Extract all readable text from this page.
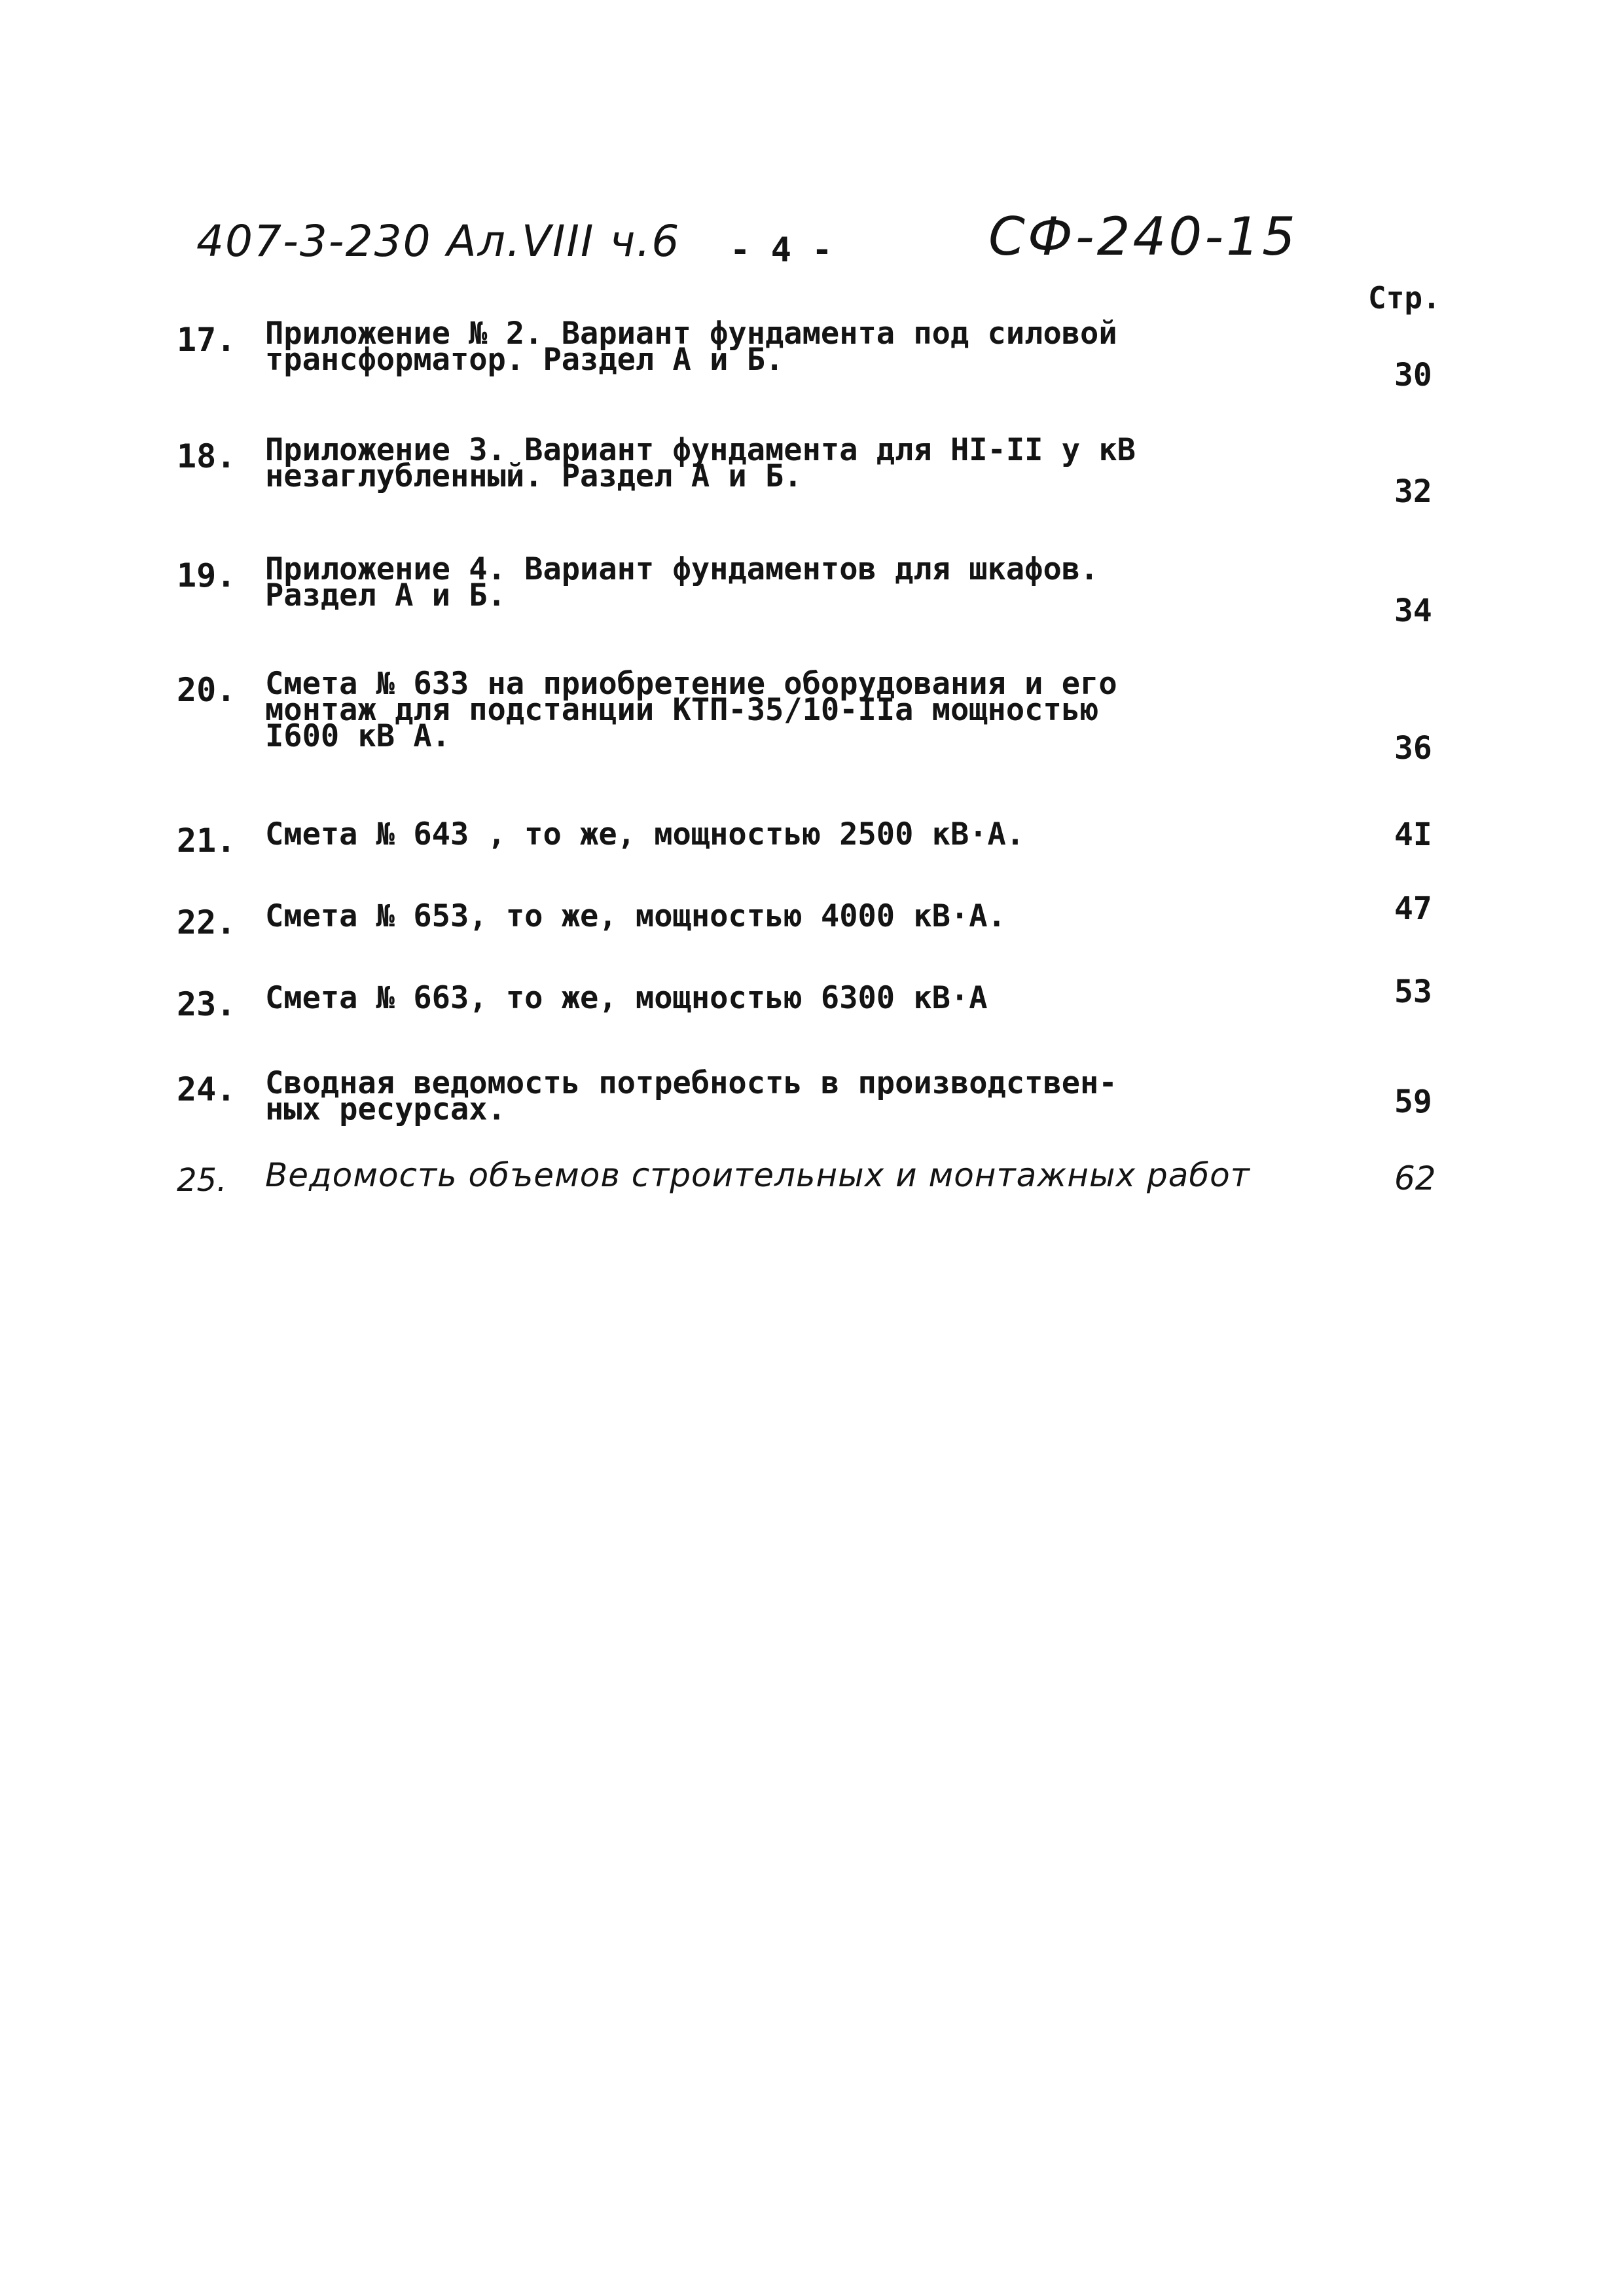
407-3-230 Ал.VIII ч.6 - 4 -	СФ-240-15
Стр.
17. Приложение № 2. Вариант фундамента под силовой
трансформатор. Раздел А и Б.	30
18. Приложение 3. Вариант фундамента для НI-II у кВ
незаглубленный. Раздел А и Б.	32
19. Приложение 4. Вариант фундаментов для шкафов.
Раздел А и Б.	34
20. Смета № 633 на приобретение оборудования и его
монтаж для подстанции КТП-35/10-IIа мощностью
I600 кВ А.	36
21. Смета № 643 , то же, мощностью 2500 кВ·А.	4I
22. Смета № 653, то же, мощностью 4000 кВ·А.	47
23. Смета № 663, то же, мощностью 6300 кВ·А	53
24. Сводная ведомость потребность в производствен-
ных ресурсах.	59
25. Ведомость объемов строительных и монтажных работ	62
